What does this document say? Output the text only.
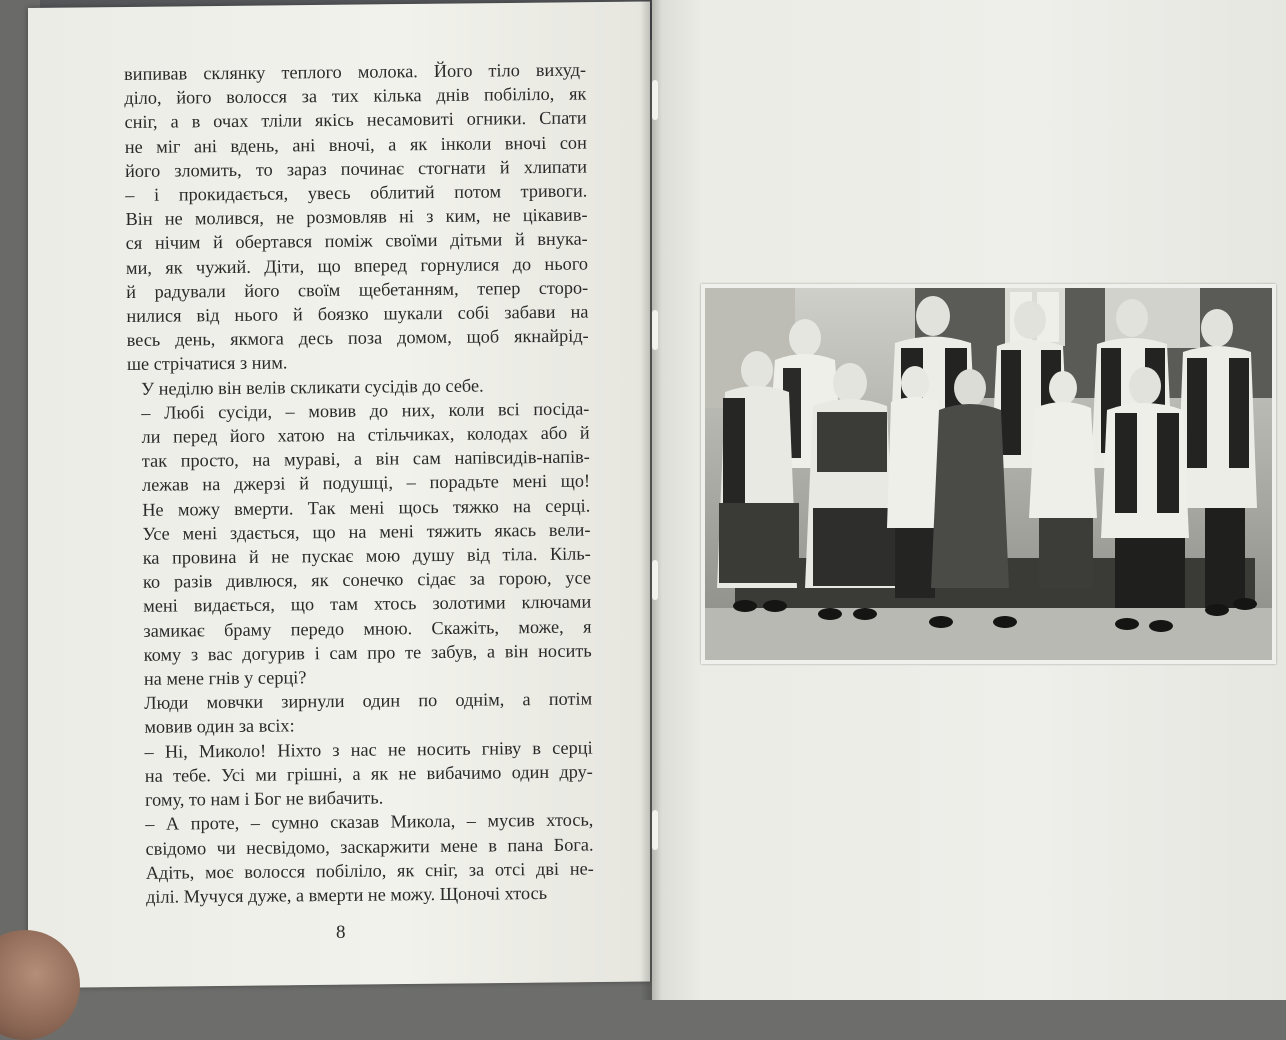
випивав склянку теплого молока. Його тіло вихуд-
діло, його волосся за тих кілька днів побіліло, як
сніг, а в очах тліли якісь несамовиті огники. Спати
не міг ані вдень, ані вночі, а як інколи вночі сон
його зломить, то зараз починає стогнати й хлипати
– і прокидається, увесь облитий потом тривоги.
Він не молився, не розмовляв ні з ким, не цікавив-
ся нічим й обертався поміж своїми дітьми й внука-
ми, як чужий. Діти, що вперед горнулися до нього
й радували його своїм щебетанням, тепер сторо-
нилися від нього й боязко шукали собі забави на
весь день, якмога десь поза домом, щоб якнайрід-
ше стрічатися з ним.

У неділю він велів скликати сусідів до себе.

– Любі сусіди, – мовив до них, коли всі посіда-
ли перед його хатою на стільчиках, колодах або й
так просто, на мураві, а він сам напівсидів-напів-
лежав на джерзі й подушці, – порадьте мені що!
Не можу вмерти. Так мені щось тяжко на серці.
Усе мені здається, що на мені тяжить якась вели-
ка провина й не пускає мою душу від тіла. Кіль-
ко разів дивлюся, як сонечко сідає за горою, усе
мені видається, що там хтось золотими ключами
замикає браму передо мною. Скажіть, може, я
кому з вас догурив і сам про те забув, а він носить
на мене гнів у серці?

Люди мовчки зирнули один по однім, а потім
мовив один за всіх:

– Ні, Миколо! Ніхто з нас не носить гніву в серці
на тебе. Усі ми грішні, а як не вибачимо один дру-
гому, то нам і Бог не вибачить.

– А проте, – сумно сказав Микола, – мусив хтось,
свідомо чи несвідомо, заскаржити мене в пана Бога.
Адіть, моє волосся побіліло, як сніг, за отсі дві не-
ділі. Мучуся дуже, а вмерти не можу. Щоночі хтось

8
